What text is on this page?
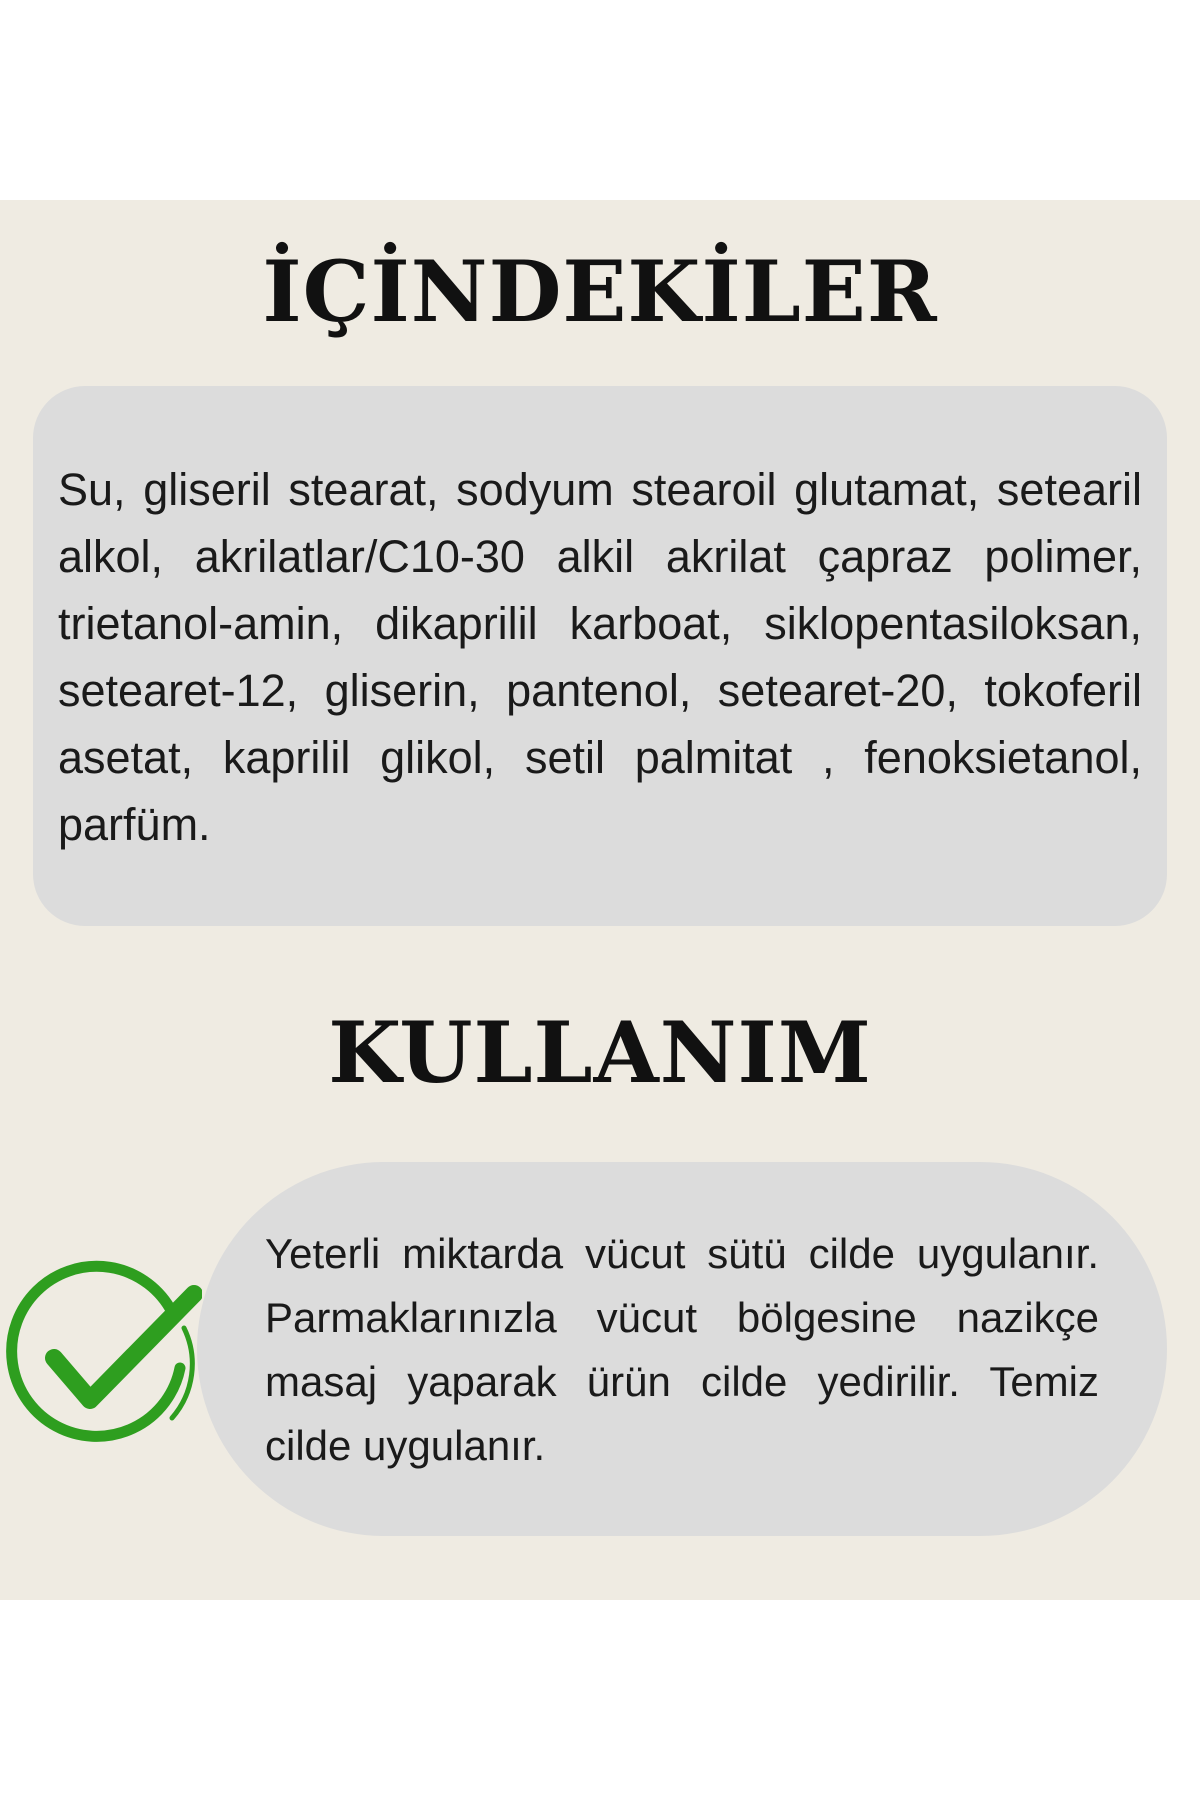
İÇİNDEKİLER

Su, gliseril stearat, sodyum stearoil glutamat, setearil alkol, akrilatlar/C10-30 alkil akrilat çapraz polimer, trietanol-amin, dikaprilil karboat, siklopentasiloksan, setearet-12, gliserin, pantenol, setearet-20, tokoferil asetat, kaprilil glikol, setil palmitat , fenoksietanol, parfüm.

KULLANIM

Yeterli miktarda vücut sütü cilde uygulanır. Parmaklarınızla vücut bölgesine nazikçe masaj yaparak ürün cilde yedirilir. Temiz cilde uygulanır.
